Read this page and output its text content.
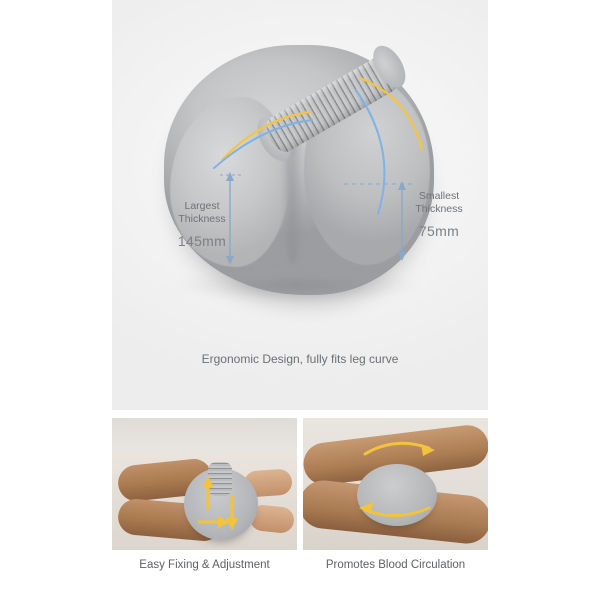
Largest
Thickness
145mm
Smallest
Thickness
75mm
Ergonomic Design, fully fits leg curve
Easy Fixing & Adjustment	Promotes Blood Circulation
